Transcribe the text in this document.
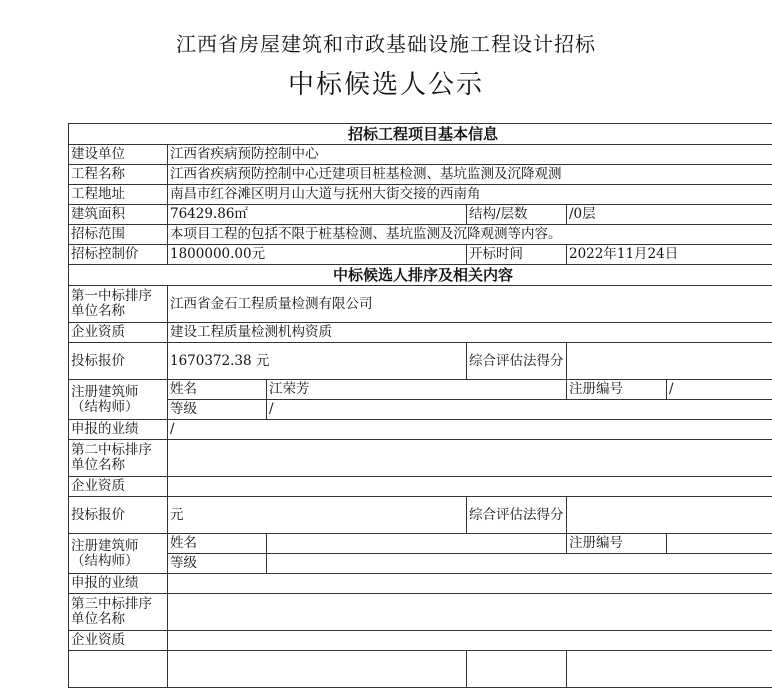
江西省房屋建筑和市政基础设施工程设计招标
中标候选人公示
招标工程项目基本信息					
建设单位	江西省疾病预防控制中心				
工程名称	江西省疾病预防控制中心迁建项目桩基检测、基坑监测及沉降观测				
工程地址	南昌市红谷滩区明月山大道与抚州大街交接的西南角				
建筑面积	76429.86㎡		结构/层数	/0层	
招标范围	本项目工程的包括不限于桩基检测、基坑监测及沉降观测等内容。				
招标控制价	1800000.00元		开标时间	2022年11月24日	
中标候选人排序及相关内容					
第一中标排序单位名称	江西省金石工程质量检测有限公司				
企业资质	建设工程质量检测机构资质				
投标报价	1670372.38 元		综合评估法得分		
注册建筑师（结构师）	姓名	江荣芳		注册编号	/
	等级	/			
申报的业绩	/				
第二中标排序单位名称					
企业资质					
投标报价	元		综合评估法得分		
注册建筑师（结构师）	姓名			注册编号	
	等级				
申报的业绩					
第三中标排序单位名称					
企业资质					
